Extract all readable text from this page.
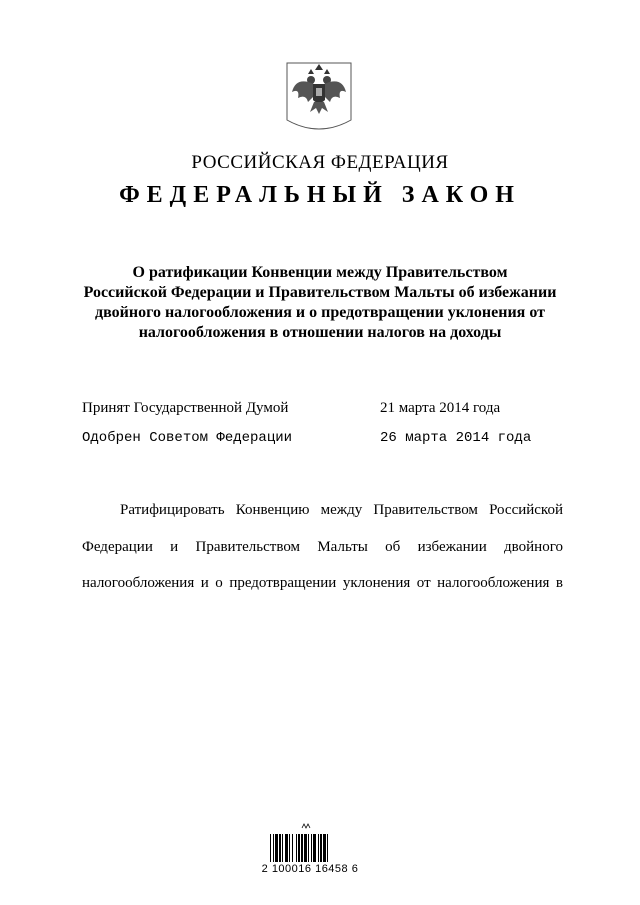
РОССИЙСКАЯ ФЕДЕРАЦИЯ
ФЕДЕРАЛЬНЫЙ ЗАКОН
О ратификации Конвенции между Правительством
Российской Федерации и Правительством Мальты об избежании
двойного налогообложения и о предотвращении уклонения от
налогообложения в отношении налогов на доходы
Принят Государственной Думой	21 марта 2014 года
Одобрен Советом Федерации	26 марта 2014 года
Ратифицировать Конвенцию между Правительством Российской
Федерации и Правительством Мальты об избежании двойного
налогообложения и о предотвращении уклонения от налогообложения в
2 100016 16458 6
